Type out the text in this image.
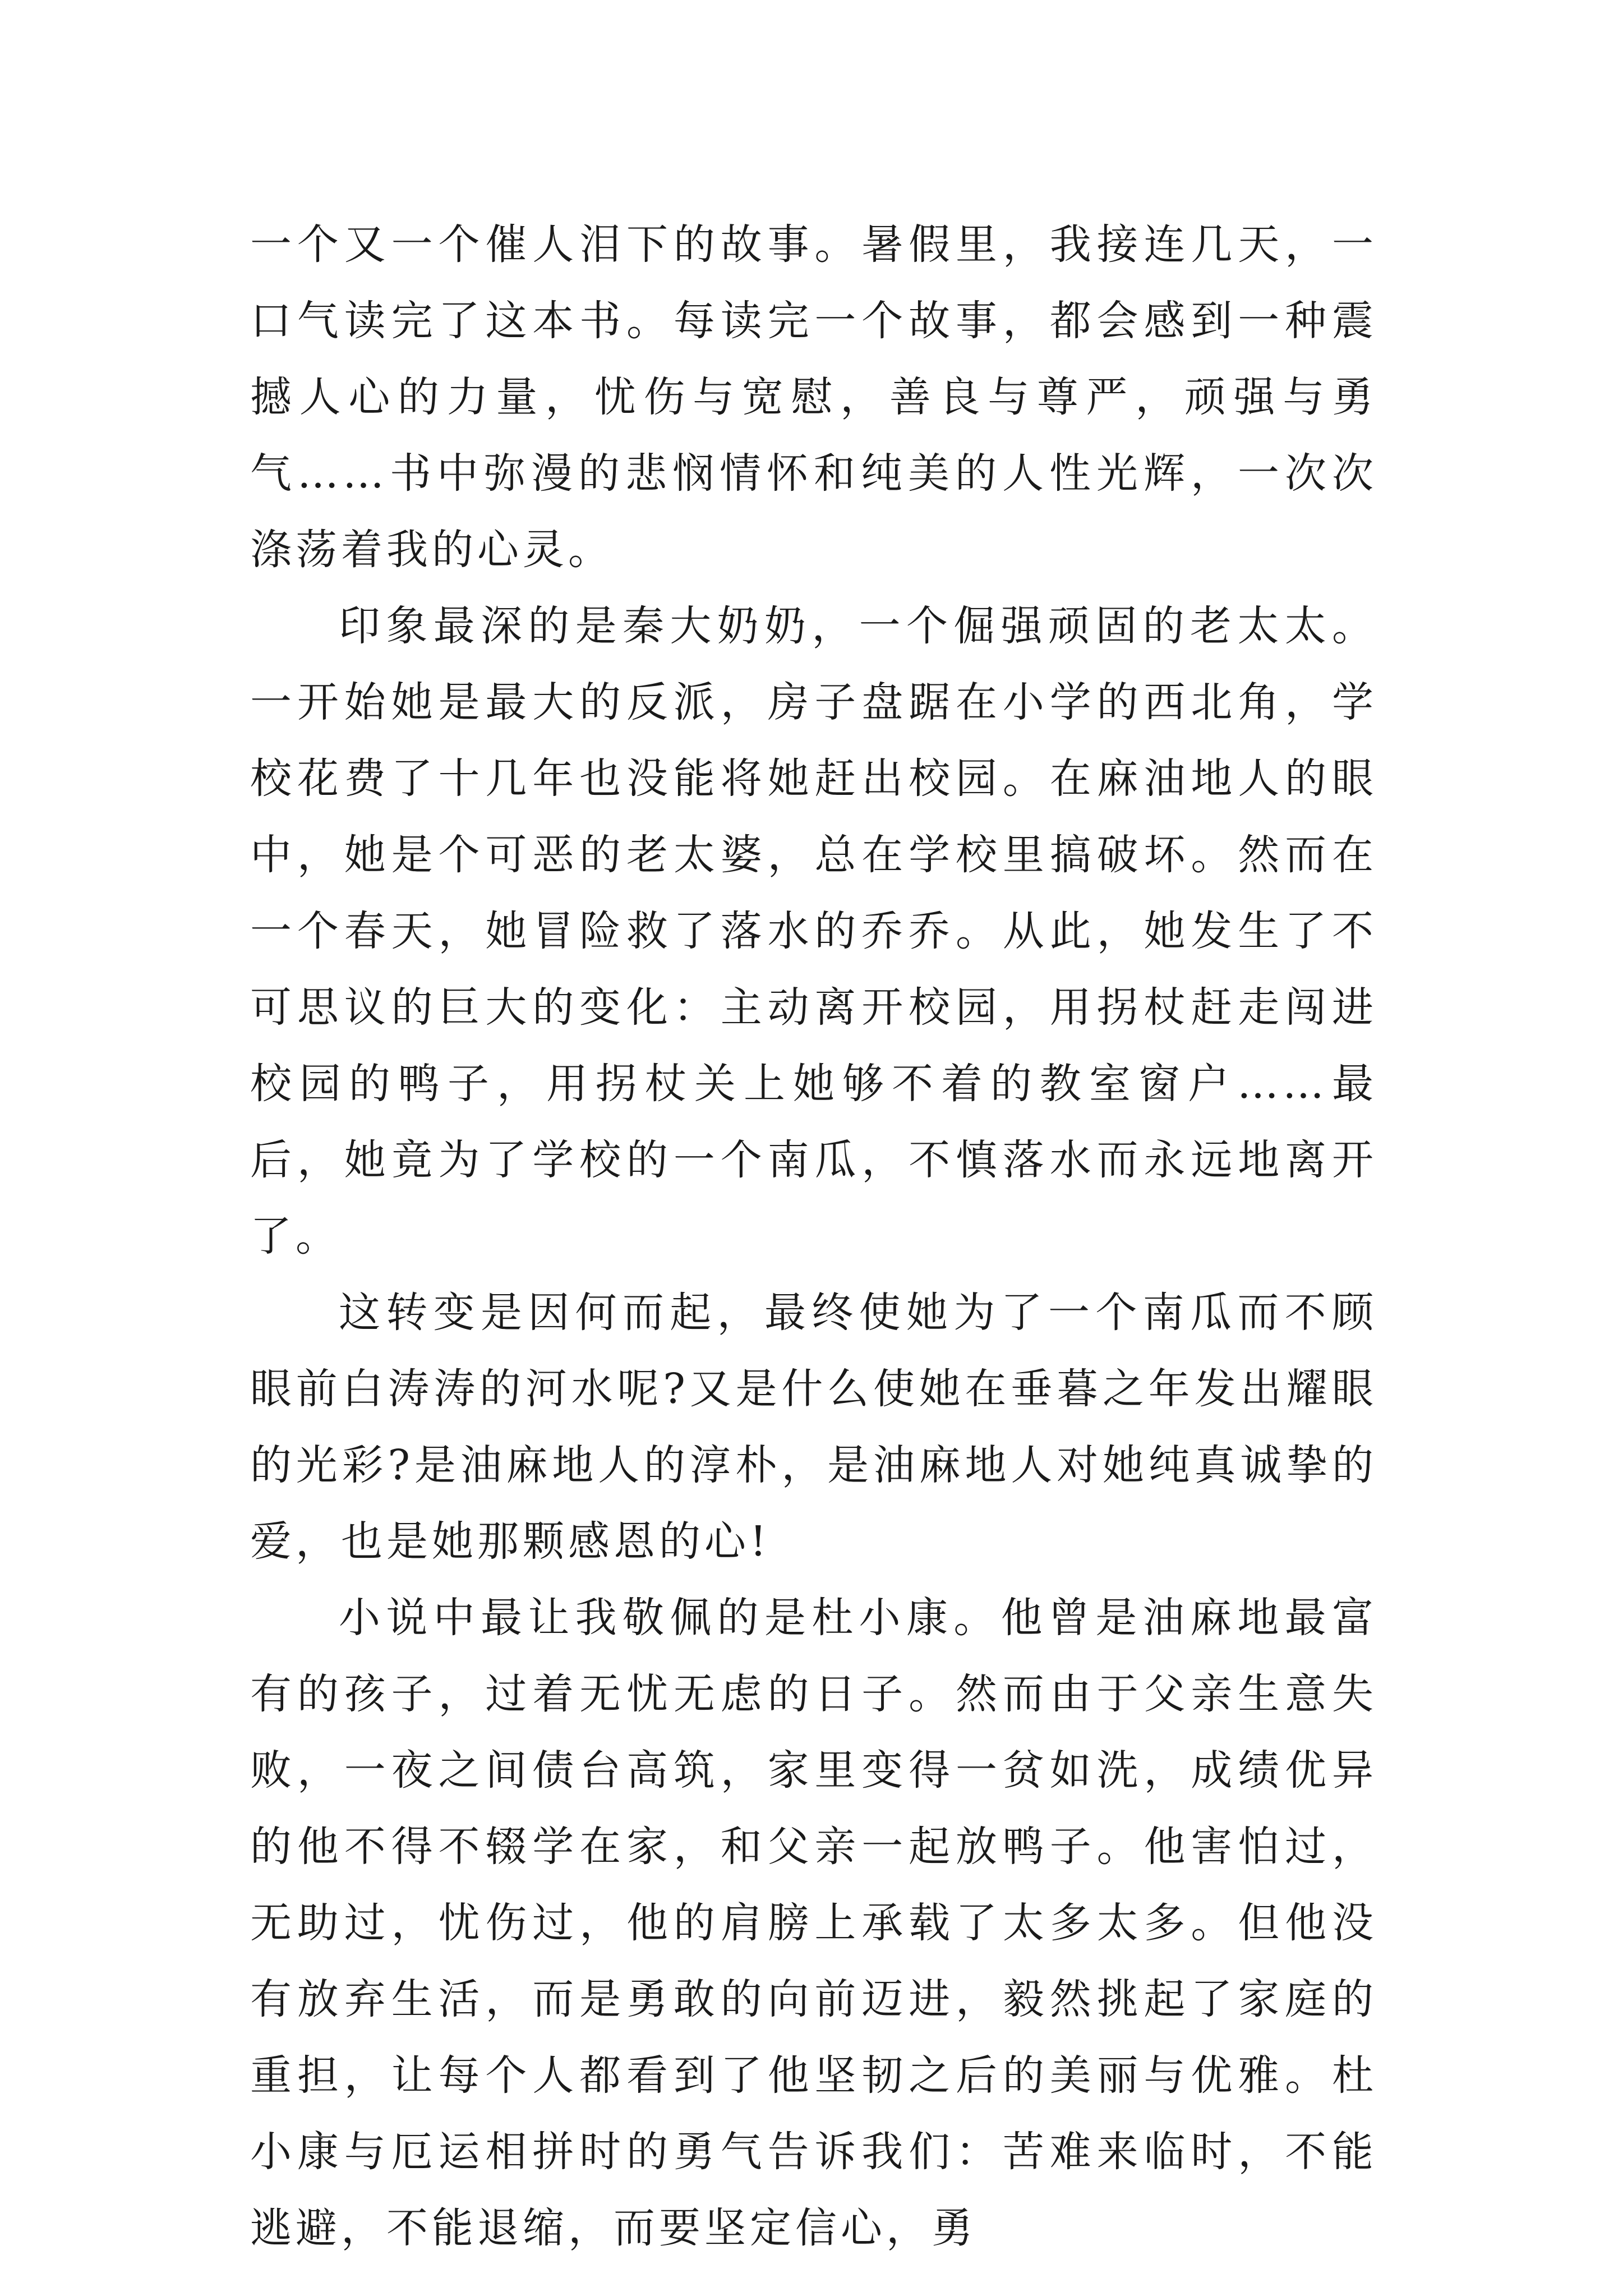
一个又一个催人泪下的故事。暑假里，我接连几天，一口气读完了这本书。每读完一个故事，都会感到一种震撼人心的力量，忧伤与宽慰，善良与尊严，顽强与勇气……书中弥漫的悲悯情怀和纯美的人性光辉，一次次涤荡着我的心灵。

印象最深的是秦大奶奶，一个倔强顽固的老太太。一开始她是最大的反派，房子盘踞在小学的西北角，学校花费了十几年也没能将她赶出校园。在麻油地人的眼中，她是个可恶的老太婆，总在学校里搞破坏。然而在一个春天，她冒险救了落水的乔乔。从此，她发生了不可思议的巨大的变化：主动离开校园，用拐杖赶走闯进校园的鸭子，用拐杖关上她够不着的教室窗户……最后，她竟为了学校的一个南瓜，不慎落水而永远地离开了。

这转变是因何而起，最终使她为了一个南瓜而不顾眼前白涛涛的河水呢?又是什么使她在垂暮之年发出耀眼的光彩?是油麻地人的淳朴，是油麻地人对她纯真诚挚的爱，也是她那颗感恩的心!

小说中最让我敬佩的是杜小康。他曾是油麻地最富有的孩子，过着无忧无虑的日子。然而由于父亲生意失败，一夜之间债台高筑，家里变得一贫如洗，成绩优异的他不得不辍学在家，和父亲一起放鸭子。他害怕过，无助过，忧伤过，他的肩膀上承载了太多太多。但他没有放弃生活，而是勇敢的向前迈进，毅然挑起了家庭的重担，让每个人都看到了他坚韧之后的美丽与优雅。杜小康与厄运相拼时的勇气告诉我们：苦难来临时，不能逃避，不能退缩，而要坚定信心，勇
